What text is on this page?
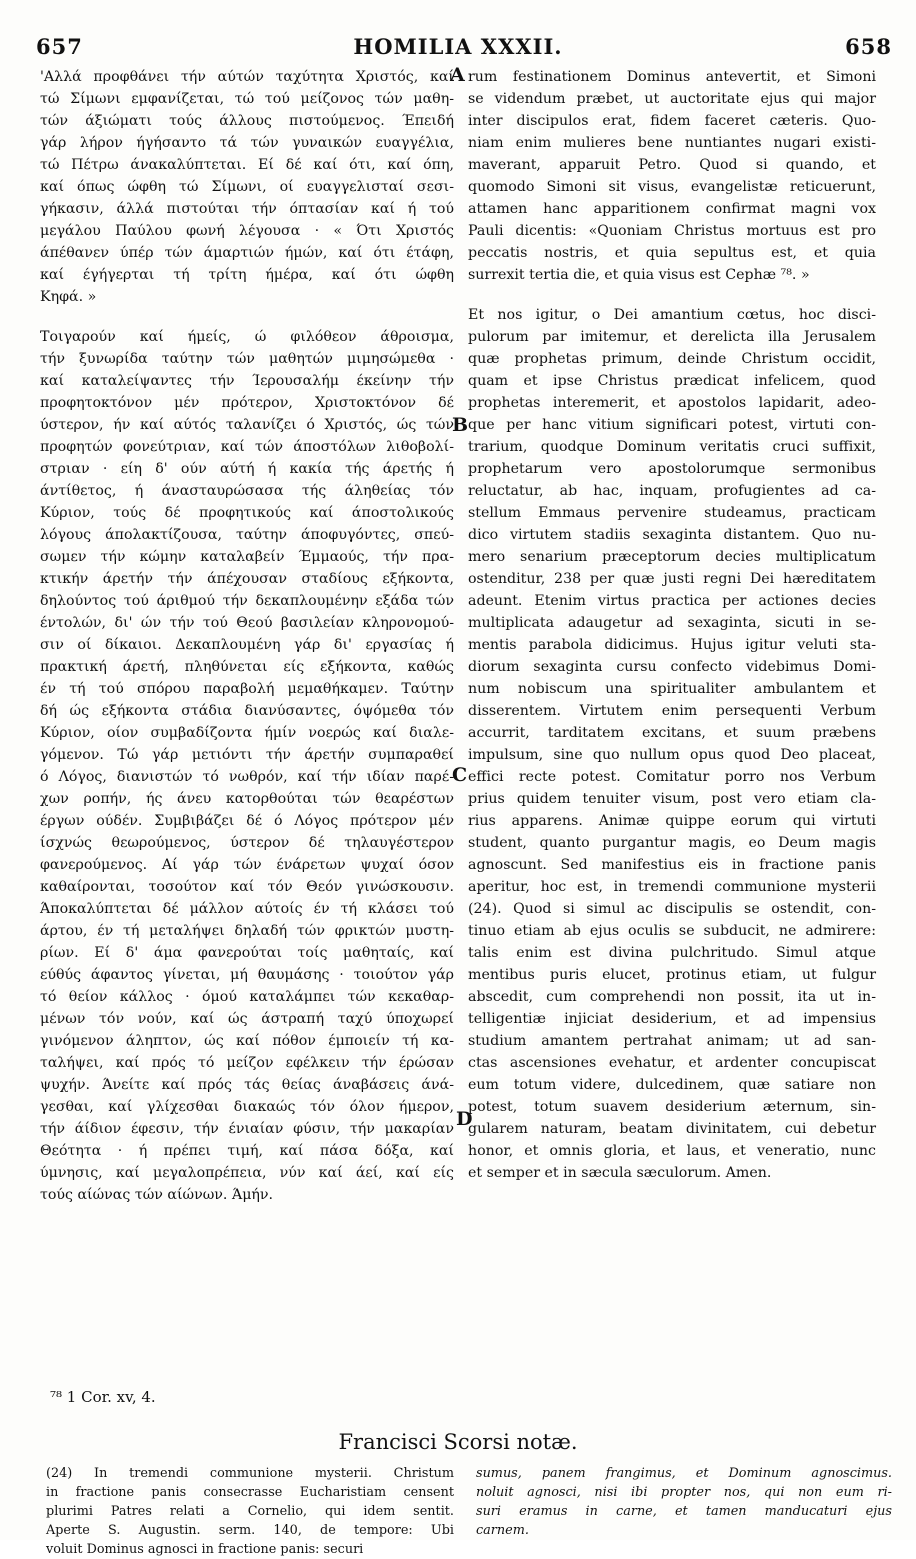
657	HOMILIA XXXII.	658
'Αλλά προφθάνει τήν αύτών ταχύτητα Χριστός, καί
τώ Σίμωνι εμφανίζεται, τώ τού μείζονος τών μαθη-
τών άξιώματι τούς άλλους πιστούμενος. Έπειδή
γάρ λήρον ήγήσαντο τά τών γυναικών ευαγγέλια,
τώ Πέτρω άνακαλύπτεται. Εί δέ καί ότι, καί όπη,
καί όπως ώφθη τώ Σίμωνι, οί ευαγγελισταί σεσι-
γήκασιν, άλλά πιστούται τήν όπτασίαν καί ή τού
μεγάλου Παύλου φωνή λέγουσα · « Ότι Χριστός
άπέθανεν ύπέρ τών άμαρτιών ήμών, καί ότι έτάφη,
καί έγήγερται τή τρίτη ήμέρα, καί ότι ώφθη
Κηφά. »
Τοιγαρούν καί ήμείς, ώ φιλόθεον άθροισμα,
τήν ξυνωρίδα ταύτην τών μαθητών μιμησώμεθα ·
καί καταλείψαντες τήν Ίερουσαλήμ έκείνην τήν
προφητοκτόνον μέν πρότερον, Χριστοκτόνον δέ
ύστερον, ήν καί αύτός ταλανίζει ό Χριστός, ώς τών
προφητών φονεύτριαν, καί τών άποστόλων λιθοβολί-
στριαν · είη δ' ούν αύτή ή κακία τής άρετής ή
άντίθετος, ή άνασταυρώσασα τής άληθείας τόν
Κύριον, τούς δέ προφητικούς καί άποστολικούς
λόγους άπολακτίζουσα, ταύτην άποφυγόντες, σπεύ-
σωμεν τήν κώμην καταλαβείν Έμμαούς, τήν πρα-
κτικήν άρετήν τήν άπέχουσαν σταδίους εξήκοντα,
δηλούντος τού άριθμού τήν δεκαπλουμένην εξάδα τών
έντολών, δι' ών τήν τού Θεού βασιλείαν κληρονομού-
σιν οί δίκαιοι. Δεκαπλουμένη γάρ δι' εργασίας ή
πρακτική άρετή, πληθύνεται είς εξήκοντα, καθώς
έν τή τού σπόρου παραβολή μεμαθήκαμεν. Ταύτην
δή ώς εξήκοντα στάδια διανύσαντες, όψόμεθα τόν
Κύριον, οίον συμβαδίζοντα ήμίν νοερώς καί διαλε-
γόμενον. Τώ γάρ μετιόντι τήν άρετήν συμπαραθεί
ό Λόγος, διανιστών τό νωθρόν, καί τήν ιδίαν παρέ-
χων ροπήν, ής άνευ κατορθούται τών θεαρέστων
έργων ούδέν. Συμβιβάζει δέ ό Λόγος πρότερον μέν
ίσχνώς θεωρούμενος, ύστερον δέ τηλαυγέστερον
φανερούμενος. Αί γάρ τών ένάρετων ψυχαί όσον
καθαίρονται, τοσούτον καί τόν Θεόν γινώσκουσιν.
Άποκαλύπτεται δέ μάλλον αύτοίς έν τή κλάσει τού
άρτου, έν τή μεταλήψει δηλαδή τών φρικτών μυστη-
ρίων. Εί δ' άμα φανερούται τοίς μαθηταίς, καί
εύθύς άφαντος γίνεται, μή θαυμάσης · τοιούτον γάρ
τό θείον κάλλος · όμού καταλάμπει τών κεκαθαρ-
μένων τόν νούν, καί ώς άστραπή ταχύ ύποχωρεί
γινόμενον άληπτον, ώς καί πόθον έμποιείν τή κα-
ταλήψει, καί πρός τό μείζον εφέλκειν τήν έρώσαν
ψυχήν. Άνείτε καί πρός τάς θείας άναβάσεις άνά-
γεσθαι, καί γλίχεσθαι διακαώς τόν όλον ήμερον,
τήν άίδιον έφεσιν, τήν ένιαίαν φύσιν, τήν μακαρίαν
Θεότητα · ή πρέπει τιμή, καί πάσα δόξα, καί
ύμνησις, καί μεγαλοπρέπεια, νύν καί άεί, καί είς
τούς αίώνας τών αίώνων. Άμήν.
rum festinationem Dominus antevertit, et Simoni
se videndum præbet, ut auctoritate ejus qui major
inter discipulos erat, fidem faceret cæteris. Quo-
niam enim mulieres bene nuntiantes nugari existi-
maverant, apparuit Petro. Quod si quando, et
quomodo Simoni sit visus, evangelistæ reticuerunt,
attamen hanc apparitionem confirmat magni vox
Pauli dicentis: «Quoniam Christus mortuus est pro
peccatis nostris, et quia sepultus est, et quia
surrexit tertia die, et quia visus est Cephæ ⁷⁸. »
Et nos igitur, o Dei amantium cœtus, hoc disci-
pulorum par imitemur, et derelicta illa Jerusalem
quæ prophetas primum, deinde Christum occidit,
quam et ipse Christus prædicat infelicem, quod
prophetas interemerit, et apostolos lapidarit, adeo-
que per hanc vitium significari potest, virtuti con-
trarium, quodque Dominum veritatis cruci suffixit,
prophetarum vero apostolorumque sermonibus
reluctatur, ab hac, inquam, profugientes ad ca-
stellum Emmaus pervenire studeamus, practicam
dico virtutem stadiis sexaginta distantem. Quo nu-
mero senarium præceptorum decies multiplicatum
ostenditur, 238 per quæ justi regni Dei hæreditatem
adeunt. Etenim virtus practica per actiones decies
multiplicata adaugetur ad sexaginta, sicuti in se-
mentis parabola didicimus. Hujus igitur veluti sta-
diorum sexaginta cursu confecto videbimus Domi-
num nobiscum una spiritualiter ambulantem et
disserentem. Virtutem enim persequenti Verbum
accurrit, tarditatem excitans, et suum præbens
impulsum, sine quo nullum opus quod Deo placeat,
effici recte potest. Comitatur porro nos Verbum
prius quidem tenuiter visum, post vero etiam cla-
rius apparens. Animæ quippe eorum qui virtuti
student, quanto purgantur magis, eo Deum magis
agnoscunt. Sed manifestius eis in fractione panis
aperitur, hoc est, in tremendi communione mysterii
(24). Quod si simul ac discipulis se ostendit, con-
tinuo etiam ab ejus oculis se subducit, ne admirere:
talis enim est divina pulchritudo. Simul atque
mentibus puris elucet, protinus etiam, ut fulgur
abscedit, cum comprehendi non possit, ita ut in-
telligentiæ injiciat desiderium, et ad impensius
studium amantem pertrahat animam; ut ad san-
ctas ascensiones evehatur, et ardenter concupiscat
eum totum videre, dulcedinem, quæ satiare non
potest, totum suavem desiderium æternum, sin-
gularem naturam, beatam divinitatem, cui debetur
honor, et omnis gloria, et laus, et veneratio, nunc
et semper et in sæcula sæculorum. Amen.
A
B
C
D
⁷⁸ 1 Cor. xv, 4.
Francisci Scorsi notæ.
(24) In tremendi communione mysterii. Christum
in fractione panis consecrasse Eucharistiam censent
plurimi Patres relati a Cornelio, qui idem sentit.
Aperte S. Augustin. serm. 140, de tempore: Ubi
voluit Dominus agnosci in fractione panis: securi
sumus, panem frangimus, et Dominum agnoscimus.
noluit agnosci, nisi ibi propter nos, qui non eum ri-
suri eramus in carne, et tamen manducaturi ejus
carnem.
